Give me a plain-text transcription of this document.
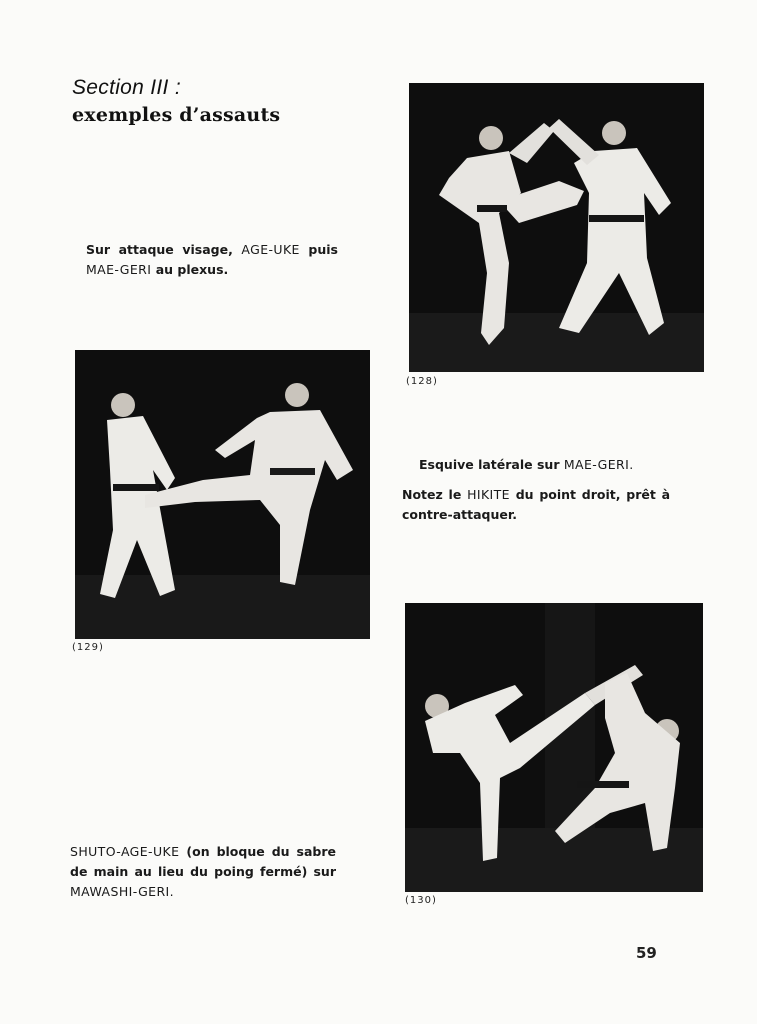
Section III :
exemples d’assauts
Sur attaque visage, AGE-UKE puis MAE-GERI au plexus.
(128)
(129)
Esquive latérale sur MAE-GERI.
Notez le HIKITE du point droit, prêt à contre-attaquer.
(130)
SHUTO-AGE-UKE (on bloque du sabre de main au lieu du poing fermé) sur MAWASHI-GERI.
59
